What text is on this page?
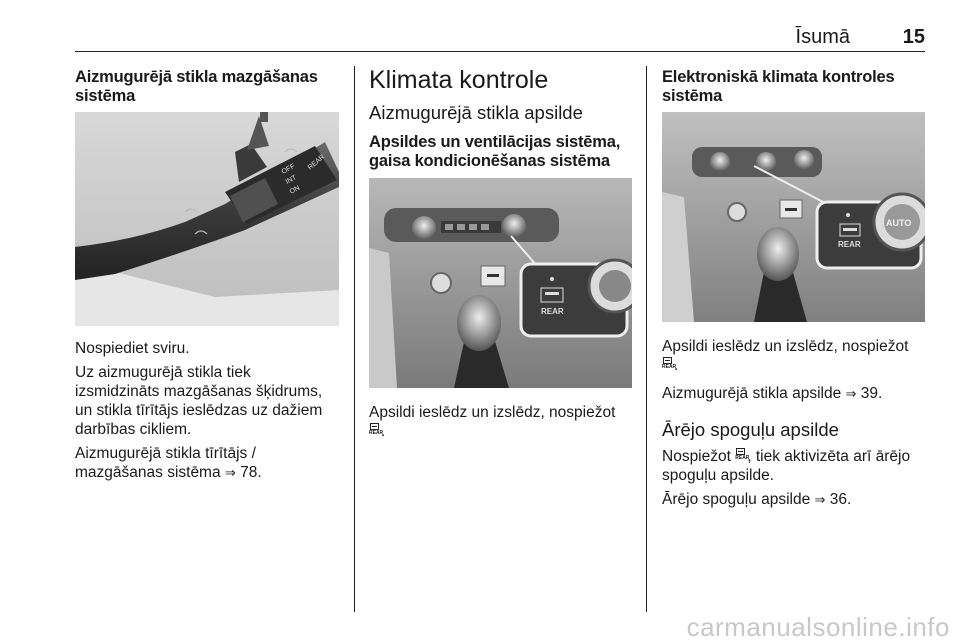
Īsumā	15
Aizmugurējā stikla mazgāšanas
sistēma
OFF
INT
ON
REAR

Nospiediet sviru.

Uz aizmugurējā stikla tiek
izsmidzināts mazgāšanas šķidrums,
un stikla tīrītājs ieslēdzas uz dažiem
darbības cikliem.

Aizmugurējā stikla tīrītājs /
mazgāšanas sistēma ⇒ 78.

Klimata kontrole
Aizmugurējā stikla apsilde
Apsildes un ventilācijas sistēma,
gaisa kondicionēšanas sistēma
REAR

Apsildi ieslēdz un izslēdz, nospiežot

REAR
.

Elektroniskā klimata kontroles
sistēma
AUTO
REAR

Apsildi ieslēdz un izslēdz, nospiežot

REAR
.

Aizmugurējā stikla apsilde ⇒ 39.

Ārējo spoguļu apsilde

Nospiežot REAR
, tiek aktivizēta arī ārējo
spoguļu apsilde.

Ārējo spoguļu apsilde ⇒ 36.

carmanualsonline.info
